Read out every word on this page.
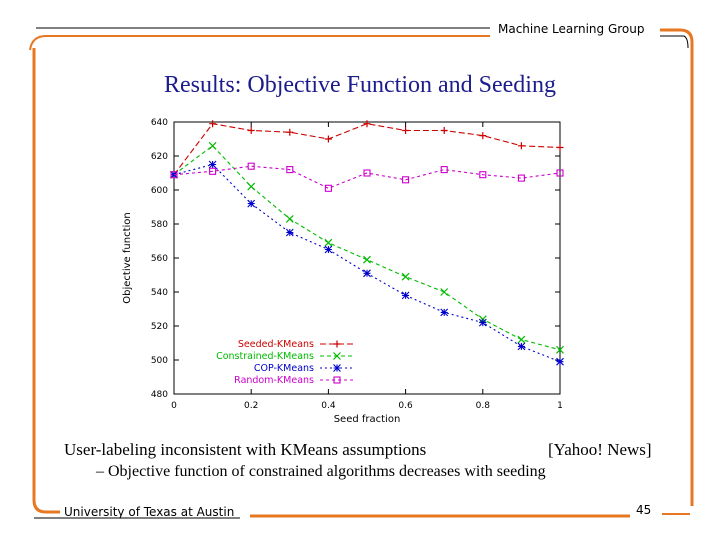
Machine Learning Group
Results: Objective Function and Seeding
0	0.2	0.4	0.6	0.8	1
480
500
520
540
560
580
600
620
640
Seeded-KMeans
Constrained-KMeans
COP-KMeans
Random-KMeans
Seed fraction
Objective function
User-labeling inconsistent with KMeans assumptions	[Yahoo! News]
– Objective function of constrained algorithms decreases with seeding
University of Texas at Austin	45
